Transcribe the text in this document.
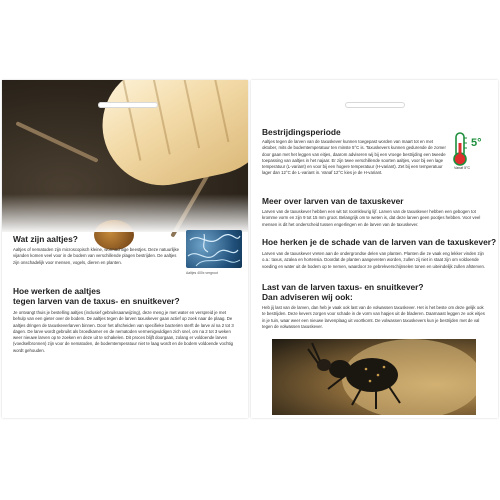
Wat zijn aaltjes?

Aaltjes of nematoden zijn microscopisch kleine, wormachtige beestjes. Deze natuurlijke vijanden komen veel voor in de bodem van verschillende plagen bestrijden. De aaltjes zijn onschadelijk voor mensen, vogels, dieren en planten.

Aaltjes 400x vergroot
Hoe werken de aaltjes
tegen larven van de taxus- en snuitkever?

Je ontvangt thuis je bestelling aaltjes (inclusief gebruiksaanwijzing), deze meng je met water en verspreid je met behulp van een gieter over de bodem. De aaltjes tegen de larven taxuskever gaan actief op zoek naar de plaag. De aaltjes dringen de taxuskeverlarven binnen. Door het afscheiden van specifieke bacteriën sterft de larve al na 2 tot 3 dagen. De larve wordt gebruikt als broedkamer en de nematoden vermenigvuldigen zich snel, om na 2 tot 3 weken weer nieuwe larven op te zoeken en deze uit te schakelen. Dit proces blijft doorgaan, zolang er voldoende larven (voedselbronnen) zijn voor de nematoden, de bodemtemperatuur niet te laag wordt en de bodem voldoende vochtig wordt gehouden.

Bestrijdingsperiode

Aaltjes tegen de larven van de taxuskever kunnen toegepast worden van maart tot en met oktober, mits de bodemtemperatuur ten minste 5°C is. Taxuskevers kunnen gedurende de zomer door gaan met het leggen van eitjes, daarom adviseren wij bij een vroege bestrijding een tweede toepassing van aaltjes in het najaar. Er zijn twee verschillende soorten aaltjes, voor bij een lage temperatuur (L-variant) en voor bij een hogere temperatuur (H-variant). Zet bij een temperatuur lager dan 12°C de L-variant in. Vanaf 12°C kies je de H-variant.

5°
Vanaf 5°C
Meer over larven van de taxuskever

Larven van de taxuskever hebben een wit tot roomkleurig lijf. Larven van de taxuskever hebben een gebogen tot kromme vorm en zijn 9 tot 15 mm groot. Belangrijk om te weten is, dat deze larven geen pootjes hebben. Voor veel mensen is dit het onderscheid tussen engerlingen en de larven van de taxuskever.

Hoe herken je de schade van de larven van de taxuskever?

Larven van de taxuskever vreten aan de ondergrondse delen van planten. Planten die ze vaak eng lekker vinden zijn o.a.: taxus, azalea en hortensia. Doordat de planten aangevreten worden, zullen zij niet in staat zijn om voldoende voeding en water uit de bodem op te nemen, waardoor ze gebrekverschijnselen tonen en uiteindelijk zullen afsterven.

Last van de larven taxus- en snuitkever?
Dan adviseren wij ook:

Heb jij last van de larven, dan heb je vaak ook last van de volwassen taxuskever. Het is het beste om deze gelijk ook te bestrijden. Deze kevers zorgen voor schade in de vorm van hapjes uit de bladeren. Daarnaast leggen ze ook eitjes in je tuin, waar weer een nieuwe larvenplaag uit voortkomt. De volwassen taxuskevers kun je bestrijden met de val tegen de volwassen taxuskever.
